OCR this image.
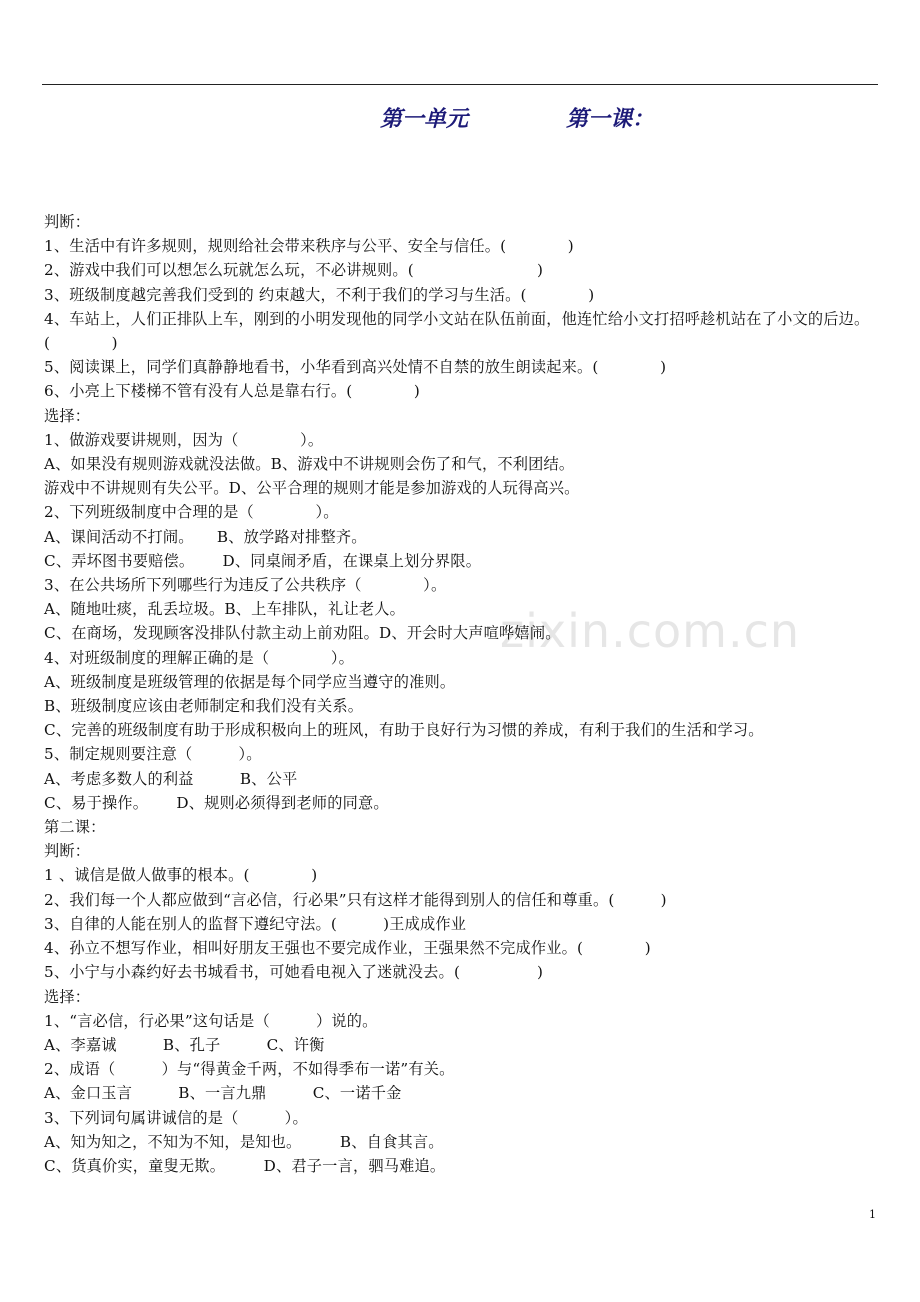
第一单元	第一课：
zixin.com.cn
判断：
1、生活中有许多规则，规则给社会带来秩序与公平、安全与信任。(　　　　)
2、游戏中我们可以想怎么玩就怎么玩，不必讲规则。(　　　　　　　　)
3、班级制度越完善我们受到的 约束越大，不利于我们的学习与生活。(　　　　)
4、车站上，人们正排队上车，刚到的小明发现他的同学小文站在队伍前面，他连忙给小文打招呼趁机站在了小文的后边。(　　　　)
5、阅读课上，同学们真静静地看书，小华看到高兴处情不自禁的放生朗读起来。(　　　　)
6、小亮上下楼梯不管有没有人总是靠右行。(　　　　)
选择：
1、做游戏要讲规则，因为（　　　　）。
A、如果没有规则游戏就没法做。B、游戏中不讲规则会伤了和气，不利团结。
游戏中不讲规则有失公平。D、公平合理的规则才能是参加游戏的人玩得高兴。
2、下列班级制度中合理的是（　　　　）。
A、课间活动不打闹。　　B、放学路对排整齐。
C、弄坏图书要赔偿。　　 D、同桌闹矛盾，在课桌上划分界限。
3、在公共场所下列哪些行为违反了公共秩序（　　　　）。
A、随地吐痰，乱丢垃圾。B、上车排队，礼让老人。
C、在商场，发现顾客没排队付款主动上前劝阻。D、开会时大声喧哗嬉闹。
4、对班级制度的理解正确的是（　　　　）。
A、班级制度是班级管理的依据是每个同学应当遵守的准则。
B、班级制度应该由老师制定和我们没有关系。
C、完善的班级制度有助于形成积极向上的班风，有助于良好行为习惯的养成，有利于我们的生活和学习。
5、制定规则要注意（　　　）。
A、考虑多数人的利益　　　B、公平
C、易于操作。　　 D、规则必须得到老师的同意。
第二课：
判断：
1 、诚信是做人做事的根本。(　　　　)
2、我们每一个人都应做到“言必信，行必果”只有这样才能得到别人的信任和尊重。(　　　)
3、自律的人能在别人的监督下遵纪守法。(　　　)王成成作业
4、孙立不想写作业，相叫好朋友王强也不要完成作业，王强果然不完成作业。(　　　　)
5、小宁与小森约好去书城看书，可她看电视入了迷就没去。(　　　　　)
选择：
1、“言必信，行必果”这句话是（　　　）说的。
A、李嘉诚　　　B、孔子　　　C、许衡
2、成语（　　　）与“得黄金千两，不如得季布一诺”有关。
A、金口玉言　　　B、一言九鼎　　　C、一诺千金
3、下列词句属讲诚信的是（　　　）。
A、知为知之，不知为不知，是知也。　　　B、自食其言。
C、货真价实，童叟无欺。　　　D、君子一言，驷马难追。
1
